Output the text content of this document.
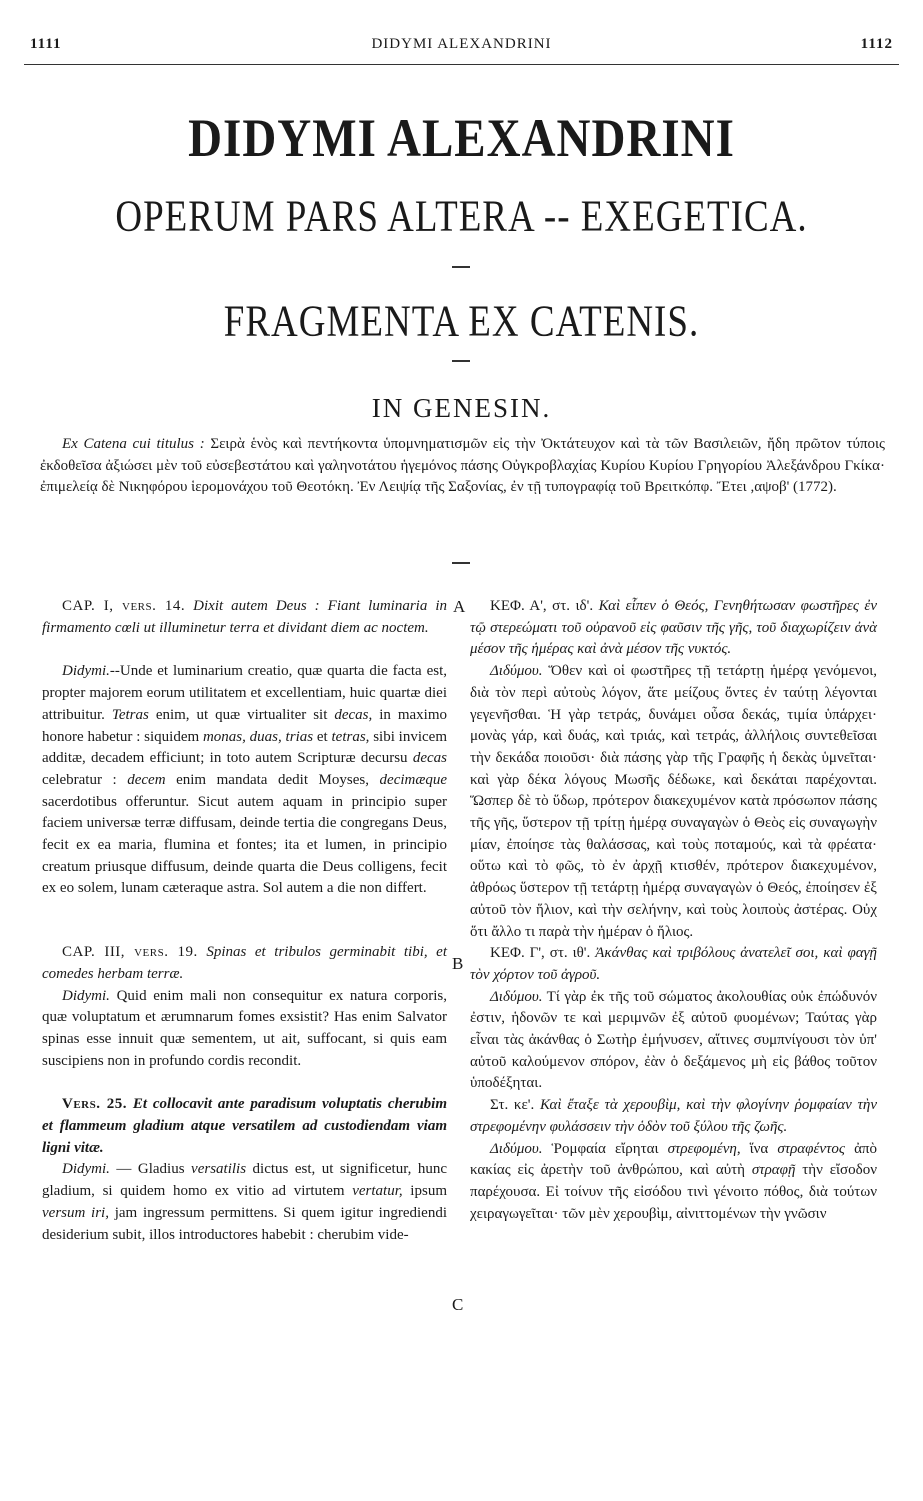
1111	DIDYMI ALEXANDRINI	1112
DIDYMI ALEXANDRINI
OPERUM PARS ALTERA -- EXEGETICA.
FRAGMENTA EX CATENIS.
IN GENESIN.
Ex Catena cui titulus : Σειρὰ ἑνὸς καὶ πεντήκοντα ὑπομνηματισμῶν εἰς τὴν Ὀκτάτευχον καὶ τὰ τῶν Βασιλειῶν, ἤδη πρῶτον τύποις ἐκδοθεῖσα ἀξιώσει μὲν τοῦ εὐσεβεστάτου καὶ γαληνοτάτου ἡγεμόνος πάσης Οὐγκροβλαχίας Κυρίου Κυρίου Γρηγορίου Ἀλεξάνδρου Γκίκα· ἐπιμελείᾳ δὲ Νικηφόρου ἱερομονάχου τοῦ Θεοτόκη. Ἐν Λειψίᾳ τῆς Σαξονίας, ἐν τῇ τυπογραφίᾳ τοῦ Βρειτκόπφ. Ἔτει ,αψοβ' (1772).

CAP. I, vers. 14. Dixit autem Deus : Fiant luminaria in firmamento cœli ut illuminetur terra et dividant diem ac noctem.

Didymi.--Unde et luminarium creatio, quæ quarta die facta est, propter majorem eorum utilitatem et excellentiam, huic quartæ diei attribuitur. Tetras enim, ut quæ virtualiter sit decas, in maximo honore habetur : siquidem monas, duas, trias et tetras, sibi invicem additæ, decadem efficiunt; in toto autem Scripturæ decursu decas celebratur : decem enim mandata dedit Moyses, decimæque sacerdotibus offeruntur. Sicut autem aquam in principio super faciem universæ terræ diffusam, deinde tertia die congregans Deus, fecit ex ea maria, flumina et fontes; ita et lumen, in principio creatum priusque diffusum, deinde quarta die Deus colligens, fecit ex eo solem, lunam cæteraque astra. Sol autem a die non differt.

CAP. III, vers. 19. Spinas et tribulos germinabit tibi, et comedes herbam terræ.

Didymi. Quid enim mali non consequitur ex natura corporis, quæ voluptatum et ærumnarum fomes exsistit? Has enim Salvator spinas esse innuit quæ sementem, ut ait, suffocant, si quis eam suscipiens non in profundo cordis recondit.

Vers. 25. Et collocavit ante paradisum voluptatis cherubim et flammeum gladium atque versatilem ad custodiendam viam ligni vitæ.

Didymi. — Gladius versatilis dictus est, ut significetur, hunc gladium, si quidem homo ex vitio ad virtutem vertatur, ipsum versum iri, jam ingressum permittens. Si quem igitur ingrediendi desiderium subit, illos introductores habebit : cherubim vide-

A
B
C

ΚΕΦ. Α', στ. ιδ'. Καὶ εἶπεν ὁ Θεός, Γενηθήτωσαν φωστῆρες ἐν τῷ στερεώματι τοῦ οὐρανοῦ εἰς φαῦσιν τῆς γῆς, τοῦ διαχωρίζειν ἀνὰ μέσον τῆς ἡμέρας καὶ ἀνὰ μέσον τῆς νυκτός.

Διδύμου. Ὅθεν καὶ οἱ φωστῆρες τῇ τετάρτῃ ἡμέρᾳ γενόμενοι, διὰ τὸν περὶ αὐτοὺς λόγον, ἅτε μείζους ὄντες ἐν ταύτῃ λέγονται γεγενῆσθαι. Ἡ γὰρ τετράς, δυνάμει οὖσα δεκάς, τιμία ὑπάρχει· μονὰς γάρ, καὶ δυάς, καὶ τριάς, καὶ τετράς, ἀλλήλοις συντεθεῖσαι τὴν δεκάδα ποιοῦσι· διὰ πάσης γὰρ τῆς Γραφῆς ἡ δεκὰς ὑμνεῖται· καὶ γὰρ δέκα λόγους Μωσῆς δέδωκε, καὶ δεκάται παρέχονται. Ὥσπερ δὲ τὸ ὕδωρ, πρότερον διακεχυμένον κατὰ πρόσωπον πάσης τῆς γῆς, ὕστερον τῇ τρίτῃ ἡμέρᾳ συναγαγὼν ὁ Θεὸς εἰς συναγωγὴν μίαν, ἐποίησε τὰς θαλάσσας, καὶ τοὺς ποταμούς, καὶ τὰ φρέατα· οὕτω καὶ τὸ φῶς, τὸ ἐν ἀρχῇ κτισθέν, πρότερον διακεχυμένον, ἀθρόως ὕστερον τῇ τετάρτῃ ἡμέρᾳ συναγαγὼν ὁ Θεός, ἐποίησεν ἐξ αὐτοῦ τὸν ἥλιον, καὶ τὴν σελήνην, καὶ τοὺς λοιποὺς ἀστέρας. Οὐχ ὅτι ἄλλο τι παρὰ τὴν ἡμέραν ὁ ἥλιος.

ΚΕΦ. Γ', στ. ιθ'. Ἀκάνθας καὶ τριβόλους ἀνατελεῖ σοι, καὶ φαγῇ τὸν χόρτον τοῦ ἀγροῦ.

Διδύμου. Τί γὰρ ἐκ τῆς τοῦ σώματος ἀκολουθίας οὐκ ἐπώδυνόν ἐστιν, ἡδονῶν τε καὶ μεριμνῶν ἐξ αὐτοῦ φυομένων; Ταύτας γὰρ εἶναι τὰς ἀκάνθας ὁ Σωτὴρ ἐμήνυσεν, αἵτινες συμπνίγουσι τὸν ὑπ' αὐτοῦ καλούμενον σπόρον, ἐὰν ὁ δεξάμενος μὴ εἰς βάθος τοῦτον ὑποδέξηται.

Στ. κε'. Καὶ ἔταξε τὰ χερουβὶμ, καὶ τὴν φλογίνην ῥομφαίαν τὴν στρεφομένην φυλάσσειν τὴν ὁδὸν τοῦ ξύλου τῆς ζωῆς.

Διδύμου. Ῥομφαία εἴρηται στρεφομένη, ἵνα στραφέντος ἀπὸ κακίας εἰς ἀρετὴν τοῦ ἀνθρώπου, καὶ αὐτὴ στραφῇ τὴν εἴσοδον παρέχουσα. Εἰ τοίνυν τῆς εἰσόδου τινὶ γένοιτο πόθος, διὰ τούτων χειραγωγεῖται· τῶν μὲν χερουβὶμ, αἰνιττομένων τὴν γνῶσιν
